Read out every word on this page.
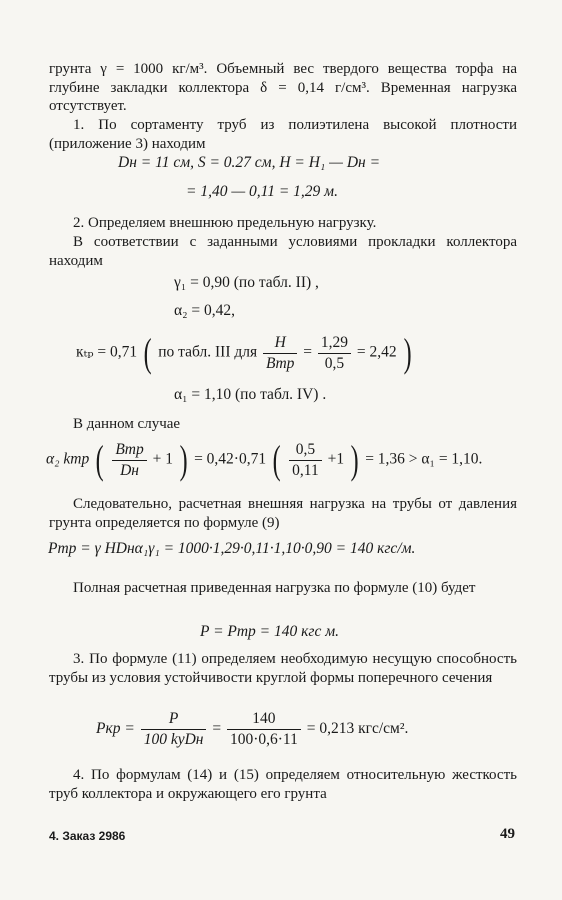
грунта γ = 1000 кг/м³. Объемный вес твердого вещества торфа на глубине закладки коллектора δ = 0,14 г/см³. Временная нагрузка отсутствует.
1. По сортаменту труб из полиэтилена высокой плотности (приложение 3) находим
Dн = 11 см, S = 0.27 см, H = H₁ — Dн =
= 1,40 — 0,11 = 1,29 м.
2. Определяем внешнюю предельную нагрузку.
В соответствии с заданными условиями прокладки коллектора находим
γ₁ = 0,90 (по табл. II) ,
α₂ = 0,42,
кₜₚ = 0,71 ( по табл. III для $\frac{H}{\text{Bтр}} = \frac{1,29}{0,5} = 2,42$ )
α₁ = 1,10 (по табл. IV) .
В данном случае
α₂ kтр ( $\frac{\text{Bтр}}{Dн} + 1$ ) = 0,42·0,71 ( $\frac{0,5}{0,11} +1$ ) = 1,36 > α₁ = 1,10.
Следовательно, расчетная внешняя нагрузка на трубы от давления грунта определяется по формуле (9)
Pтр = γ HDнα₁γ₁ = 1000·1,29·0,11·1,10·0,90 = 140 кгс/м.
Полная расчетная приведенная нагрузка по формуле (10) будет
P = Pтр = 140 кгс м.
3. По формуле (11) определяем необходимую несущую способность трубы из условия устойчивости круглой формы поперечного сечения
Pкр = $\frac{P}{\text{100 kуDн}} = \frac{140}{100\cdot 0,6\cdot 11} = 0,213$ кгс/см².
4. По формулам (14) и (15) определяем относительную жесткость труб коллектора и окружающего его грунта
4. Заказ 2986	49
